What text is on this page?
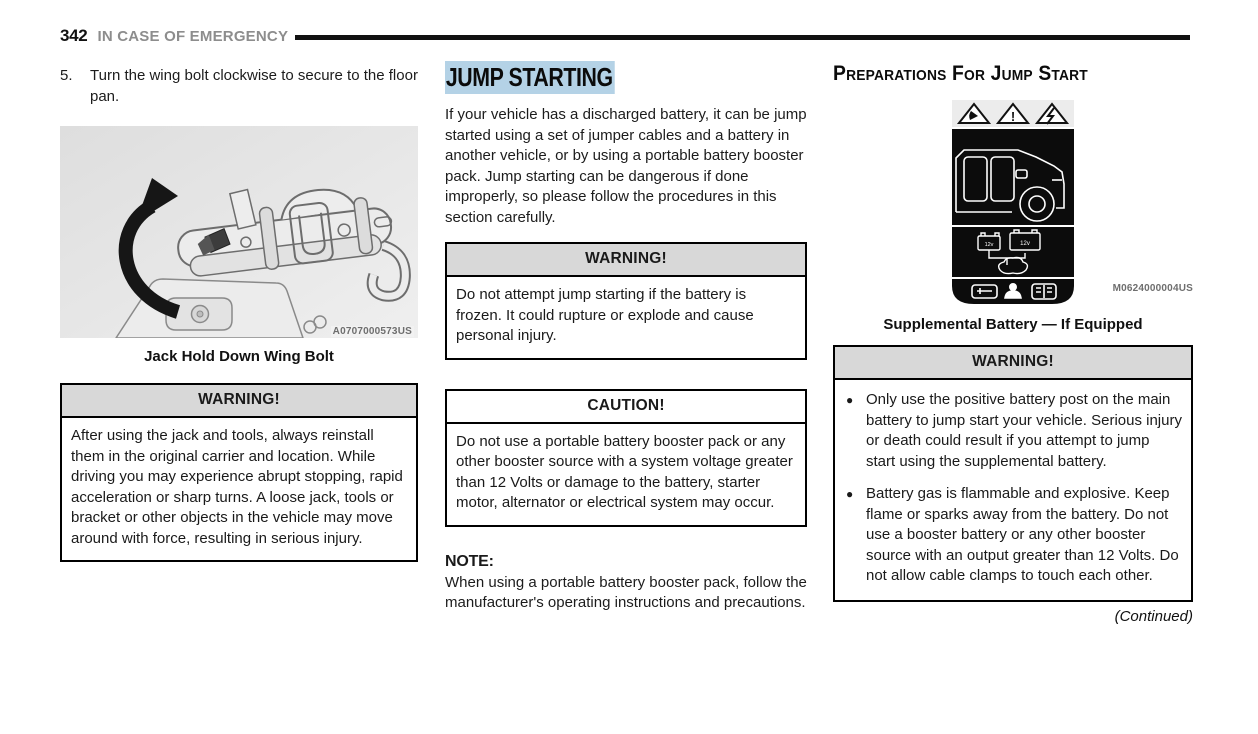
342 IN CASE OF EMERGENCY
5.	Turn the wing bolt clockwise to secure to the floor pan.
A0707000573US
Jack Hold Down Wing Bolt
WARNING!
After using the jack and tools, always reinstall them in the original carrier and location. While driving you may experience abrupt stopping, rapid acceleration or sharp turns. A loose jack, tools or bracket or other objects in the vehicle may move around with force, resulting in serious injury.
JUMP STARTING
If your vehicle has a discharged battery, it can be jump started using a set of jumper cables and a battery in another vehicle, or by using a portable battery booster pack. Jump starting can be dangerous if done improperly, so please follow the procedures in this section carefully.
WARNING!
Do not attempt jump starting if the battery is frozen. It could rupture or explode and cause personal injury.
CAUTION!
Do not use a portable battery booster pack or any other booster source with a system voltage greater than 12 Volts or damage to the battery, starter motor, alternator or electrical system may occur.
NOTE:
When using a portable battery booster pack, follow the manufacturer's operating instructions and precautions.
Preparations For Jump Start
!
12v	12v
M0624000004US
Supplemental Battery — If Equipped
WARNING!
● Only use the positive battery post on the main battery to jump start your vehicle. Serious injury or death could result if you attempt to jump start using the supplemental battery.
● Battery gas is flammable and explosive. Keep flame or sparks away from the battery. Do not use a booster battery or any other booster source with an output greater than 12 Volts. Do not allow cable clamps to touch each other.
(Continued)
